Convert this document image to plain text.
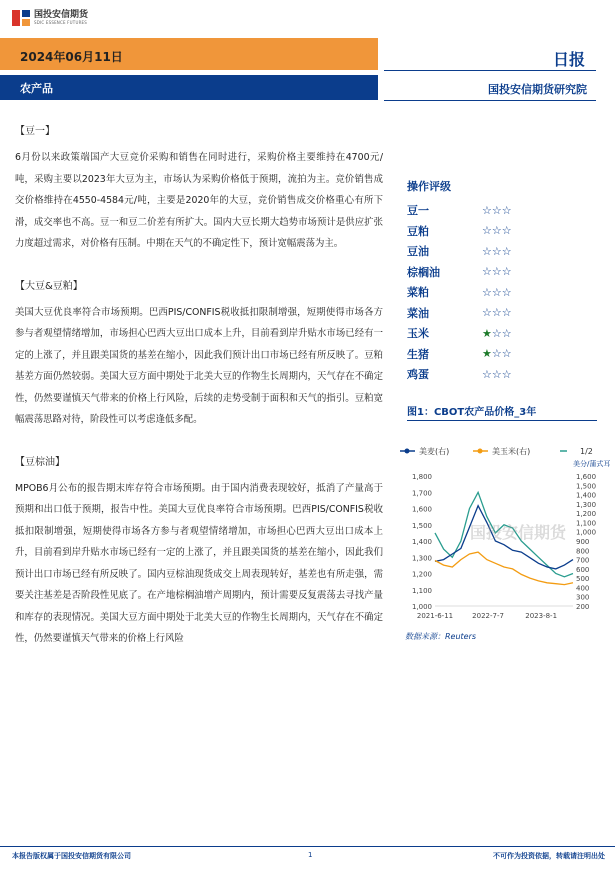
国投安信期货
SDIC ESSENCE FUTURES
2024年06月11日
农产品
日报
国投安信期货研究院
【豆一】
6月份以来政策端国产大豆竞价采购和销售在同时进行，采购价格主要维持在4700元/吨，采购主要以2023年大豆为主，市场认为采购价格低于预期，流拍为主。竞价销售成交价格维持在4550-4584元/吨，主要是2020年的大豆，竞价销售成交价格重心有所下滑，成交率也不高。豆一和豆二价差有所扩大。国内大豆长期大趋势市场预计是供应扩张力度超过需求，对价格有压制。中期在天气的不确定性下，预计宽幅震荡为主。
【大豆&豆粕】
美国大豆优良率符合市场预期。巴西PIS/CONFIS税收抵扣限制增强，短期使得市场各方参与者观望情绪增加，市场担心巴西大豆出口成本上升，目前看到岸升贴水市场已经有一定的上涨了，并且跟美国货的基差在缩小，因此我们预计出口市场已经有所反映了。豆粕基差方面仍然较弱。美国大豆方面中期处于北美大豆的作物生长周期内，天气存在不确定性，仍然要谨慎天气带来的价格上行风险，后续的走势受制于面积和天气的指引。豆粕宽幅震荡思路对待，阶段性可以考虑逢低多配。
【豆棕油】
MPOB6月公布的报告期末库存符合市场预期。由于国内消费表现较好，抵消了产量高于预期和出口低于预期，报告中性。美国大豆优良率符合市场预期。巴西PIS/CONFIS税收抵扣限制增强，短期使得市场各方参与者观望情绪增加，市场担心巴西大豆出口成本上升，目前看到岸升贴水市场已经有一定的上涨了，并且跟美国货的基差在缩小，因此我们预计出口市场已经有所反映了。国内豆棕油现货成交上周表现转好，基差也有所走强，需要关注基差是否阶段性见底了。在产地棕榈油增产周期内，预计需要反复震荡去寻找产量和库存的表现情况。美国大豆方面中期处于北美大豆的作物生长周期内，天气存在不确定性，仍然要谨慎天气带来的价格上行风险
操作评级
豆一	☆☆☆
豆粕	☆☆☆
豆油	☆☆☆
棕榈油	☆☆☆
菜粕	☆☆☆
菜油	☆☆☆
玉米	★☆☆
生猪	★☆☆
鸡蛋	☆☆☆
图1：CBOT农产品价格_3年
美麦(右)	美玉米(右)	1/2
美分/蒲式耳
1,000
1,100
1,200
1,300
1,400
1,500
1,600
1,700
1,800
200
300
400
500
600
700
800
900
1,000
1,100
1,200
1,300
1,400
1,500
1,600
2021-6-11	2022-7-7	2023-8-1
国投安信期货
数据来源：Reuters
本报告版权属于国投安信期货有限公司	1	不可作为投资依据，转载请注明出处
